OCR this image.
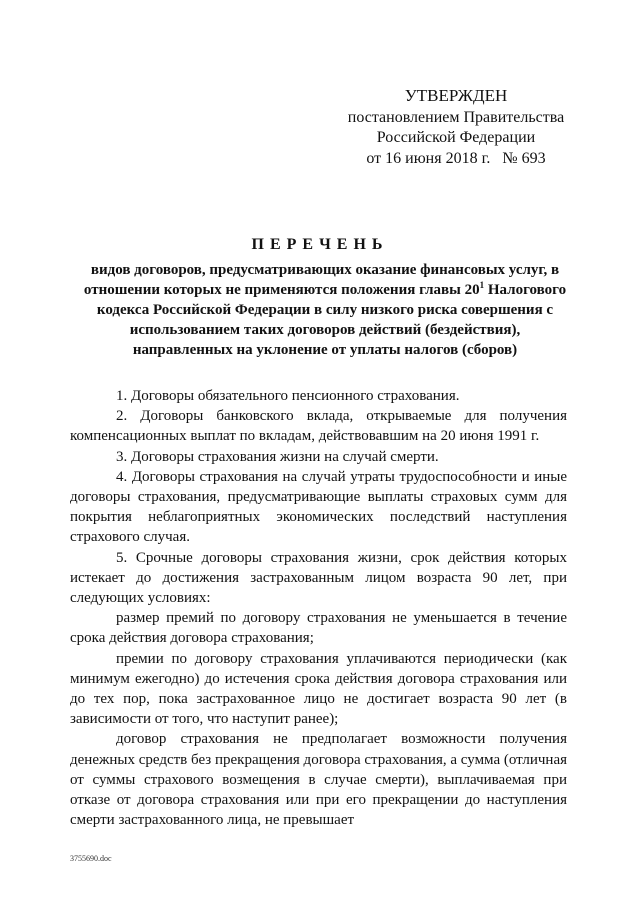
УТВЕРЖДЕН
постановлением Правительства
Российской Федерации
от 16 июня 2018 г. № 693
ПЕРЕЧЕНЬ
видов договоров, предусматривающих оказание финансовых услуг, в отношении которых не применяются положения главы $20^1$ Налогового кодекса Российской Федерации в силу низкого риска совершения с использованием таких договоров действий (бездействия), направленных на уклонение от уплаты налогов (сборов)

1. Договоры обязательного пенсионного страхования.

2. Договоры банковского вклада, открываемые для получения компенсационных выплат по вкладам, действовавшим на 20 июня 1991 г.

3. Договоры страхования жизни на случай смерти.

4. Договоры страхования на случай утраты трудоспособности и иные договоры страхования, предусматривающие выплаты страховых сумм для покрытия неблагоприятных экономических последствий наступления страхового случая.

5. Срочные договоры страхования жизни, срок действия которых истекает до достижения застрахованным лицом возраста 90 лет, при следующих условиях:

размер премий по договору страхования не уменьшается в течение срока действия договора страхования;

премии по договору страхования уплачиваются периодически (как минимум ежегодно) до истечения срока действия договора страхования или до тех пор, пока застрахованное лицо не достигает возраста 90 лет (в зависимости от того, что наступит ранее);

договор страхования не предполагает возможности получения денежных средств без прекращения договора страхования, а сумма (отличная от суммы страхового возмещения в случае смерти), выплачиваемая при отказе от договора страхования или при его прекращении до наступления смерти застрахованного лица, не превышает

3755690.doc
